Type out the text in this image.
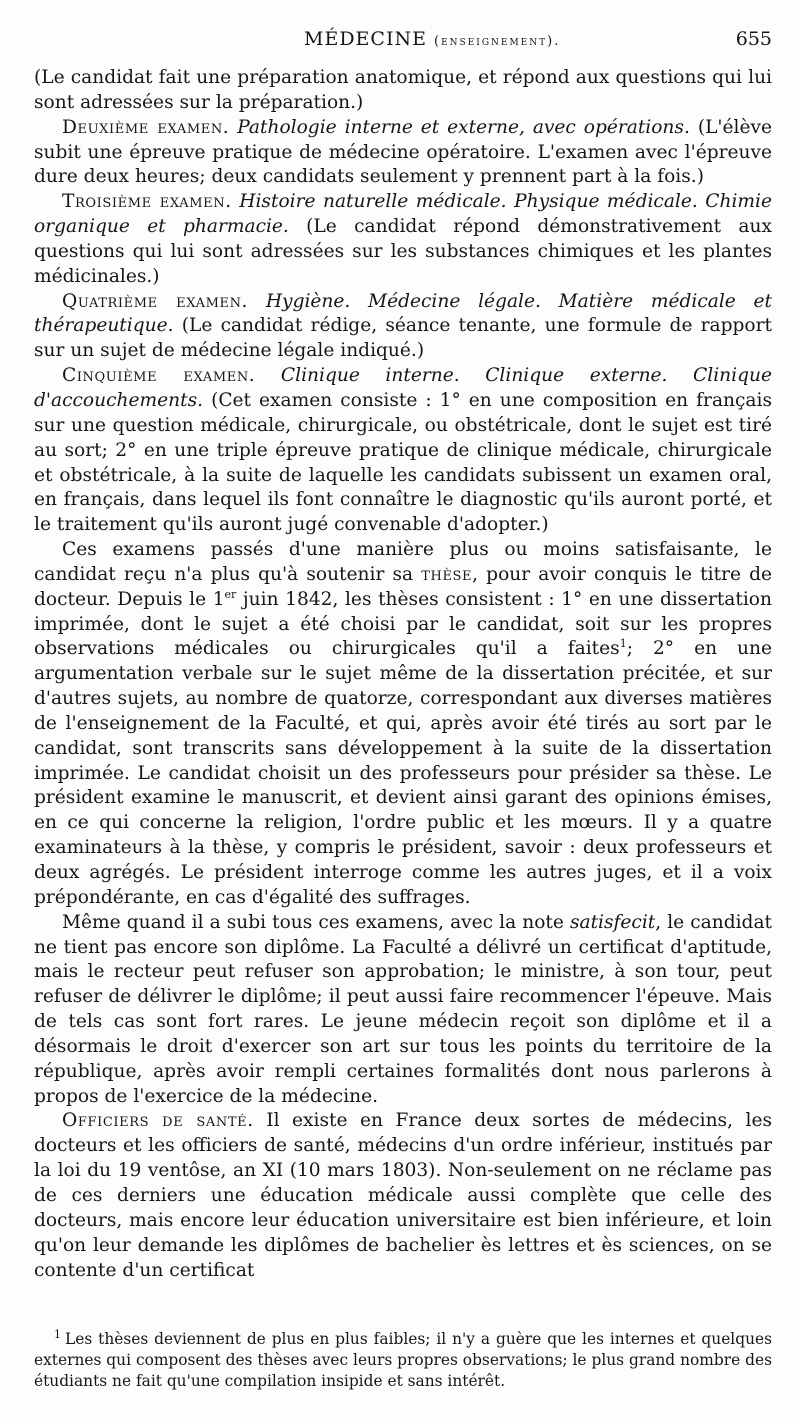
MÉDECINE (enseignement).	655

(Le candidat fait une préparation anatomique, et répond aux questions qui lui sont adressées sur la préparation.)

Deuxième examen. Pathologie interne et externe, avec opérations. (L'élève subit une épreuve pratique de médecine opératoire. L'examen avec l'épreuve dure deux heures; deux candidats seulement y prennent part à la fois.)

Troisième examen. Histoire naturelle médicale. Physique médicale. Chimie organique et pharmacie. (Le candidat répond démonstrativement aux questions qui lui sont adressées sur les substances chimiques et les plantes médicinales.)

Quatrième examen. Hygiène. Médecine légale. Matière médicale et thérapeutique. (Le candidat rédige, séance tenante, une formule de rapport sur un sujet de médecine légale indiqué.)

Cinquième examen. Clinique interne. Clinique externe. Clinique d'accouchements. (Cet examen consiste : 1° en une composition en français sur une question médicale, chirurgicale, ou obstétricale, dont le sujet est tiré au sort; 2° en une triple épreuve pratique de clinique médicale, chirurgicale et obstétricale, à la suite de laquelle les candidats subissent un examen oral, en français, dans lequel ils font connaître le diagnostic qu'ils auront porté, et le traitement qu'ils auront jugé convenable d'adopter.)

Ces examens passés d'une manière plus ou moins satisfaisante, le candidat reçu n'a plus qu'à soutenir sa thèse, pour avoir conquis le titre de docteur. Depuis le 1er juin 1842, les thèses consistent : 1° en une dissertation imprimée, dont le sujet a été choisi par le candidat, soit sur les propres observations médicales ou chirurgicales qu'il a faites$^1$; 2° en une argumentation verbale sur le sujet même de la dissertation précitée, et sur d'autres sujets, au nombre de quatorze, correspondant aux diverses matières de l'enseignement de la Faculté, et qui, après avoir été tirés au sort par le candidat, sont transcrits sans développement à la suite de la dissertation imprimée. Le candidat choisit un des professeurs pour présider sa thèse. Le président examine le manuscrit, et devient ainsi garant des opinions émises, en ce qui concerne la religion, l'ordre public et les mœurs. Il y a quatre examinateurs à la thèse, y compris le président, savoir : deux professeurs et deux agrégés. Le président interroge comme les autres juges, et il a voix prépondérante, en cas d'égalité des suffrages.

Même quand il a subi tous ces examens, avec la note satisfecit, le candidat ne tient pas encore son diplôme. La Faculté a délivré un certificat d'aptitude, mais le recteur peut refuser son approbation; le ministre, à son tour, peut refuser de délivrer le diplôme; il peut aussi faire recommencer l'épeuve. Mais de tels cas sont fort rares. Le jeune médecin reçoit son diplôme et il a désormais le droit d'exercer son art sur tous les points du territoire de la république, après avoir rempli certaines formalités dont nous parlerons à propos de l'exercice de la médecine.

Officiers de santé. Il existe en France deux sortes de médecins, les docteurs et les officiers de santé, médecins d'un ordre inférieur, institués par la loi du 19 ventôse, an XI (10 mars 1803). Non-seulement on ne réclame pas de ces derniers une éducation médicale aussi complète que celle des docteurs, mais encore leur éducation universitaire est bien inférieure, et loin qu'on leur demande les diplômes de bachelier ès lettres et ès sciences, on se contente d'un certificat

$^1$ Les thèses deviennent de plus en plus faibles; il n'y a guère que les internes et quelques externes qui composent des thèses avec leurs propres observations; le plus grand nombre des étudiants ne fait qu'une compilation insipide et sans intérêt.
